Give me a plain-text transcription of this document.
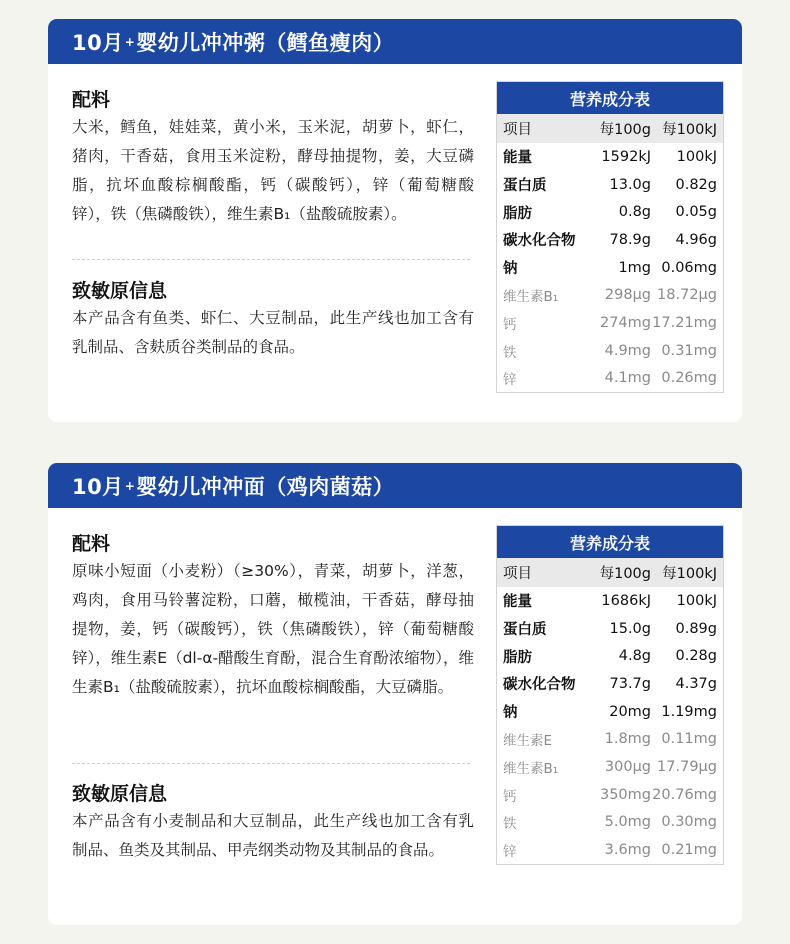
10月 + 婴幼儿冲冲粥（鳕鱼瘦肉）

配料

大米，鳕鱼，娃娃菜，黄小米，玉米泥，胡萝卜，虾仁，猪肉，干香菇，食用玉米淀粉，酵母抽提物，姜，大豆磷脂，抗坏血酸棕榈酸酯，钙（碳酸钙），锌（葡萄糖酸锌），铁（焦磷酸铁），维生素B₁（盐酸硫胺素）。

致敏原信息

本产品含有鱼类、虾仁、大豆制品，此生产线也加工含有乳制品、含麸质谷类制品的食品。

营养成分表
项目	每100g 每100kJ
能量	1592kJ	100kJ
蛋白质	13.0g	0.82g
脂肪	0.8g	0.05g
碳水化合物	78.9g	4.96g
钠	1mg 0.06mg
维生素B₁	298μg 18.72μg
钙	274mg 17.21mg
铁	4.9mg 0.31mg
锌	4.1mg 0.26mg
10月 + 婴幼儿冲冲面（鸡肉菌菇）

配料

原味小短面（小麦粉）（≥30%），青菜，胡萝卜，洋葱，鸡肉，食用马铃薯淀粉，口蘑，橄榄油，干香菇，酵母抽提物，姜，钙（碳酸钙），铁（焦磷酸铁），锌（葡萄糖酸锌），维生素E（dl-α-醋酸生育酚，混合生育酚浓缩物），维生素B₁（盐酸硫胺素），抗坏血酸棕榈酸酯，大豆磷脂。

致敏原信息

本产品含有小麦制品和大豆制品，此生产线也加工含有乳制品、鱼类及其制品、甲壳纲类动物及其制品的食品。

营养成分表
项目	每100g 每100kJ
能量	1686kJ	100kJ
蛋白质	15.0g	0.89g
脂肪	4.8g	0.28g
碳水化合物	73.7g	4.37g
钠	20mg 1.19mg
维生素E	1.8mg 0.11mg
维生素B₁	300μg 17.79μg
钙	350mg 20.76mg
铁	5.0mg 0.30mg
锌	3.6mg 0.21mg
